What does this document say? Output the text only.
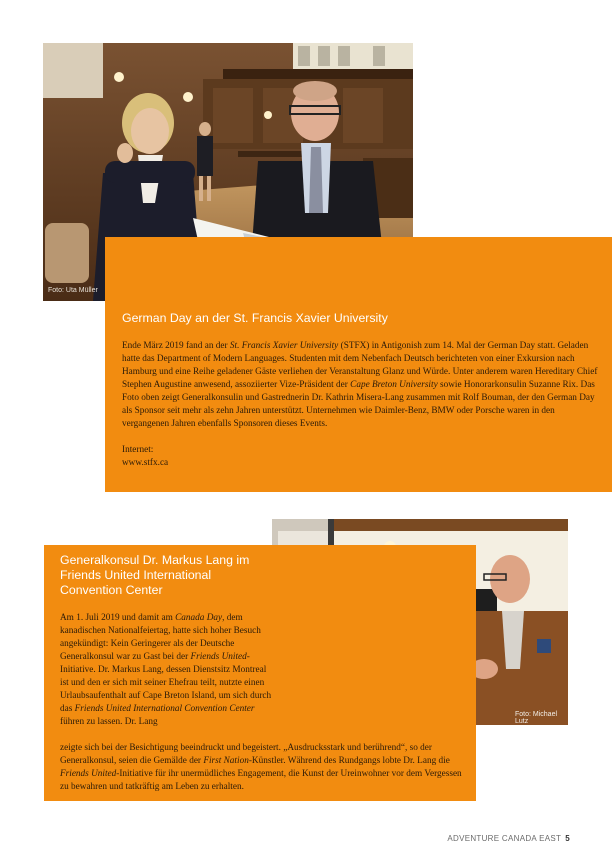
Foto: Uta Müller
German Day an der St. Francis Xavier University

Ende März 2019 fand an der St. Francis Xavier University (STFX) in Antigonish zum 14. Mal der German Day statt. Geladen hatte das Department of Modern Languages. Studenten mit dem Nebenfach Deutsch berichteten von einer Exkursion nach Hamburg und eine Reihe geladener Gäste verliehen der Veranstaltung Glanz und Würde. Unter anderem waren Hereditary Chief Stephen Augustine anwesend, assoziierter Vize-Präsident der Cape Breton University sowie Honorarkonsulin Suzanne Rix. Das Foto oben zeigt Generalkonsulin und Gastrednerin Dr. Kathrin Misera-Lang zusammen mit Rolf Bouman, der den German Day als Sponsor seit mehr als zehn Jahren unterstützt. Unternehmen wie Daimler-Benz, BMW oder Porsche waren in den vergangenen Jahren ebenfalls Sponsoren dieses Events.

Internet:

www.stfx.ca

Foto: Michael Lutz
Generalkonsul Dr. Markus Lang im Friends United International Convention Center

Am 1. Juli 2019 und damit am Canada Day, dem kanadischen Nationalfeiertag, hatte sich hoher Besuch angekündigt: Kein Geringerer als der Deutsche Generalkonsul war zu Gast bei der Friends United-Initiative. Dr. Markus Lang, dessen Dienstsitz Montreal ist und den er sich mit seiner Ehefrau teilt, nutzte einen Urlaubsaufenthalt auf Cape Breton Island, um sich durch das Friends United International Convention Center führen zu lassen. Dr. Lang

zeigte sich bei der Besichtigung beeindruckt und begeistert. „Ausdrucksstark und berührend“, so der Generalkonsul, seien die Gemälde der First Nation-Künstler. Während des Rundgangs lobte Dr. Lang die Friends United-Initiative für ihr unermüdliches Engagement, die Kunst der Ureinwohner vor dem Vergessen zu bewahren und tatkräftig am Leben zu erhalten.

ADVENTURE CANADA EAST 5
